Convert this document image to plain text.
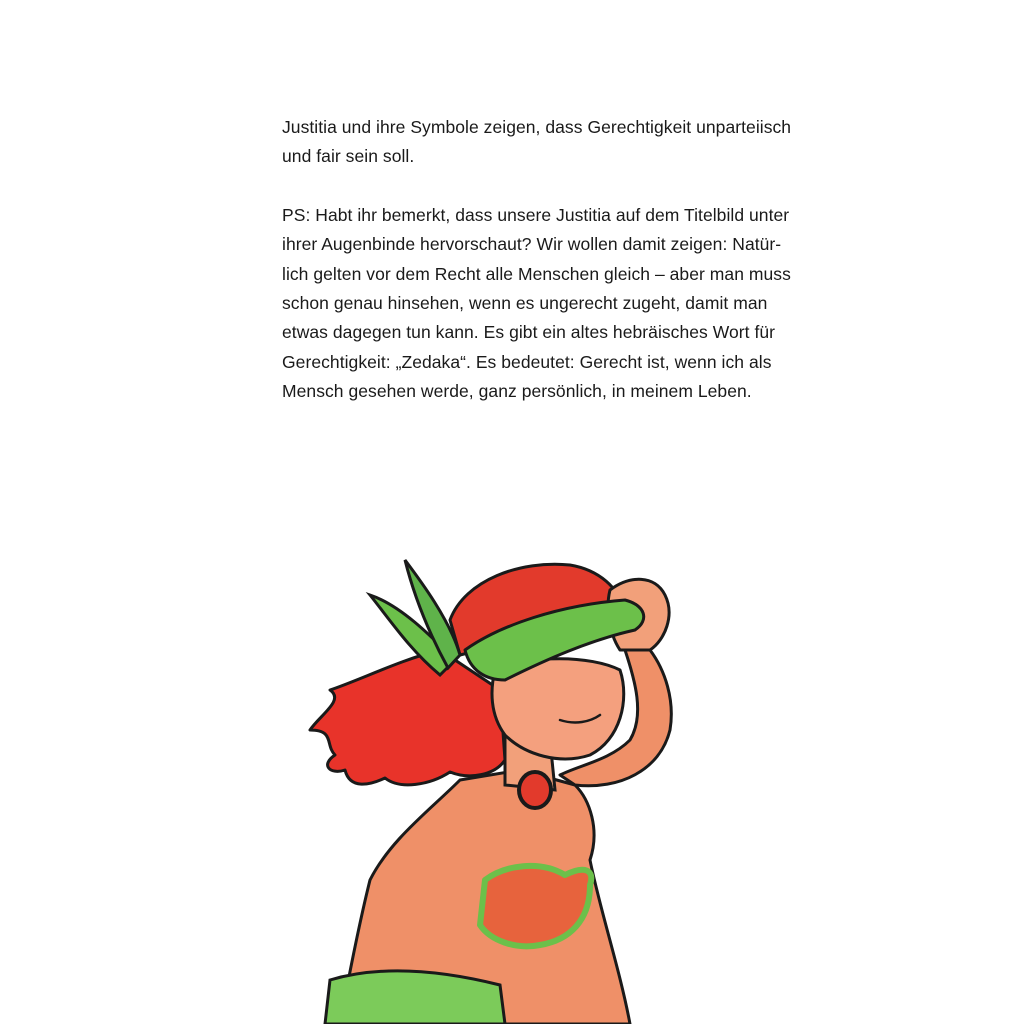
Justitia und ihre Symbole zeigen, dass Gerechtigkeit unparteiisch
und fair sein soll.

PS: Habt ihr bemerkt, dass unsere Justitia auf dem Titelbild unter
ihrer Augenbinde hervorschaut? Wir wollen damit zeigen: Natür-
lich gelten vor dem Recht alle Menschen gleich – aber man muss
schon genau hinsehen, wenn es ungerecht zugeht, damit man
etwas dagegen tun kann. Es gibt ein altes hebräisches Wort für
Gerechtigkeit: „Zedaka“. Es bedeutet: Gerecht ist, wenn ich als
Mensch gesehen werde, ganz persönlich, in meinem Leben.
